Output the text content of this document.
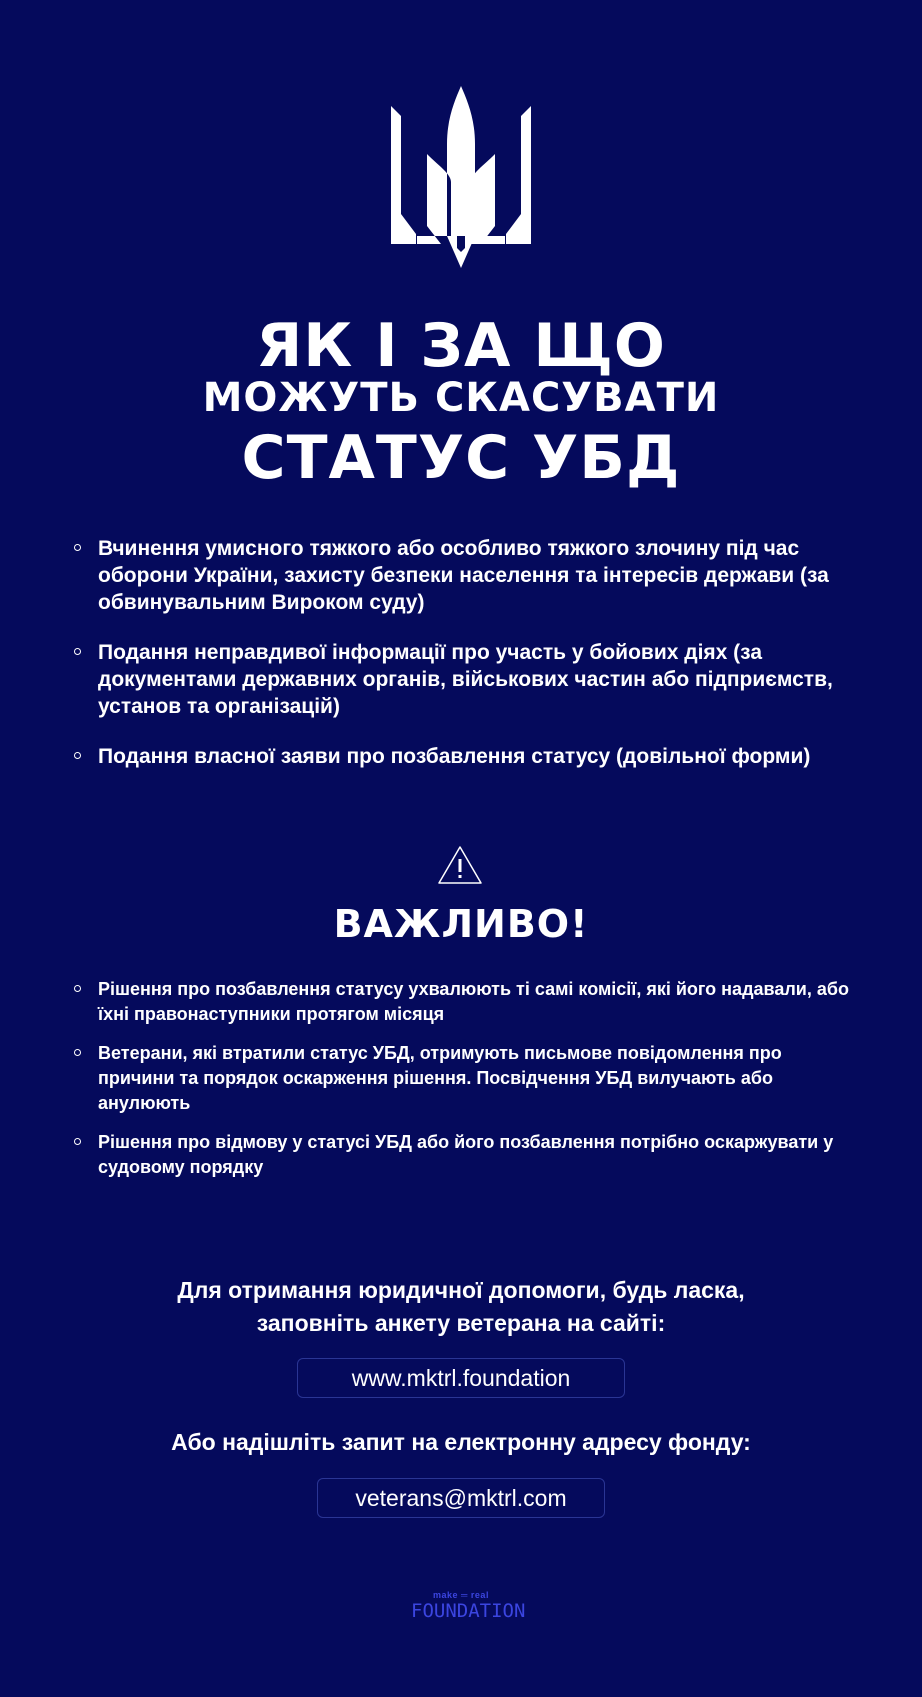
ЯК І ЗА ЩО
МОЖУТЬ СКАСУВАТИ
СТАТУС УБД
Вчинення умисного тяжкого або особливо тяжкого злочину під час оборони України, захисту безпеки населення та інтересів держави (за обвинувальним Вироком суду)
Подання неправдивої інформації про участь у бойових діях (за документами державних органів, військових частин або підприємств, установ та організацій)
Подання власної заяви про позбавлення статусу (довільної форми)
ВАЖЛИВО!
Рішення про позбавлення статусу ухвалюють ті самі комісії, які його надавали, або їхні правонаступники протягом місяця
Ветерани, які втратили статус УБД, отримують письмове повідомлення про причини та порядок оскарження рішення. Посвідчення УБД вилучають або анулюють
Рішення про відмову у статусі УБД або його позбавлення потрібно оскаржувати у судовому порядку
Для отримання юридичної допомоги, будь ласка,
заповніть анкету ветерана на сайті:
www.mktrl.foundation
Або надішліть запит на електронну адресу фонду:
veterans@mktrl.com
make ═ real
FOUNDATION
